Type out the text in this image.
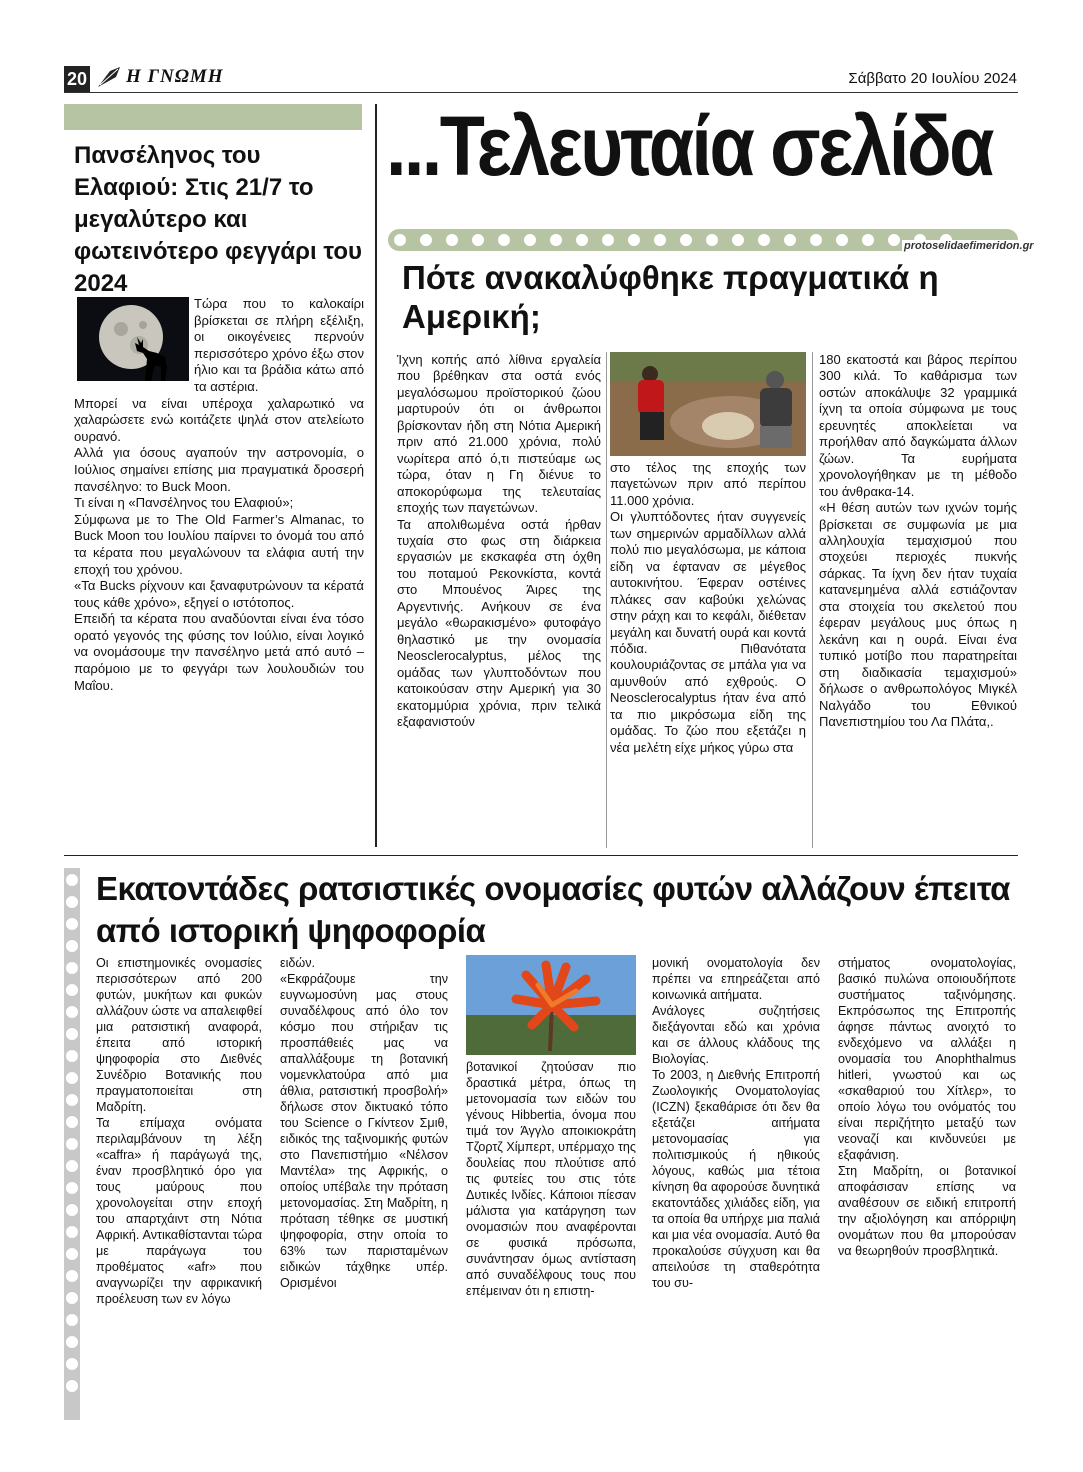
20 Η ΓΝΩΜΗ	Σάββατο 20 Ιουλίου 2024
Πανσέληνος του Ελαφιού: Στις 21/7 το μεγαλύτερο και φωτεινότερο φεγγάρι του 2024

Τώρα που το καλοκαίρι βρίσκεται σε πλήρη εξέλιξη, οι οικογένειες περνούν περισσότερο χρόνο έξω στον ήλιο και τα βράδια κάτω από τα αστέρια.

Μπορεί να είναι υπέροχα χαλαρωτικό να χαλαρώσετε ενώ κοιτάζετε ψηλά στον ατελείωτο ουρανό.

Αλλά για όσους αγαπούν την αστρονομία, ο Ιούλιος σημαίνει επίσης μια πραγματικά δροσερή πανσέληνο: το Buck Moon.

Τι είναι η «Πανσέληνος του Ελαφιού»;

Σύμφωνα με το The Old Farmer’s Almanac, το Buck Moon του Ιουλίου παίρνει το όνομά του από τα κέρατα που μεγαλώνουν τα ελάφια αυτή την εποχή του χρόνου.

«Τα Bucks ρίχνουν και ξαναφυτρώνουν τα κέρατά τους κάθε χρόνο», εξηγεί ο ιστότοπος.

Επειδή τα κέρατα που αναδύονται είναι ένα τόσο ορατό γεγονός της φύσης τον Ιούλιο, είναι λογικό να ονομάσουμε την πανσέληνο μετά από αυτό – παρόμοιο με το φεγγάρι των λουλουδιών του Μαΐου.

...Τελευταία σελίδα
protoselidaefimeridon.gr
Πότε ανακαλύφθηκε πραγματικά η Αμερική;

Ίχνη κοπής από λίθινα εργαλεία που βρέθηκαν στα οστά ενός μεγαλόσωμου προϊστορικού ζώου μαρτυρούν ότι οι άνθρωποι βρίσκονταν ήδη στη Νότια Αμερική πριν από 21.000 χρόνια, πολύ νωρίτερα από ό,τι πιστεύαμε ως τώρα, όταν η Γη διένυε το αποκορύφωμα της τελευταίας εποχής των παγετώνων.

Τα απολιθωμένα οστά ήρθαν τυχαία στο φως στη διάρκεια εργασιών με εκσκαφέα στη όχθη του ποταμού Ρεκονκίστα, κοντά στο Μπουένος Άιρες της Αργεντινής. Ανήκουν σε ένα μεγάλο «θωρακισμένο» φυτοφάγο θηλαστικό με την ονομασία Neosclerocalyptus, μέλος της ομάδας των γλυπτοδόντων που κατοικούσαν στην Αμερική για 30 εκατομμύρια χρόνια, πριν τελικά εξαφανιστούν

στο τέλος της εποχής των παγετώνων πριν από περίπου 11.000 χρόνια.

Οι γλυπτόδοντες ήταν συγγενείς των σημερινών αρμαδίλλων αλλά πολύ πιο μεγαλόσωμα, με κάποια είδη να έφταναν σε μέγεθος αυτοκινήτου. Έφεραν οστέινες πλάκες σαν καβούκι χελώνας στην ράχη και το κεφάλι, διέθεταν μεγάλη και δυνατή ουρά και κοντά πόδια. Πιθανότατα κουλουριάζοντας σε μπάλα για να αμυνθούν από εχθρούς. Ο Neosclerocalyptus ήταν ένα από τα πιο μικρόσωμα είδη της ομάδας. Το ζώο που εξετάζει η νέα μελέτη είχε μήκος γύρω στα

180 εκατοστά και βάρος περίπου 300 κιλά. Το καθάρισμα των οστών αποκάλυψε 32 γραμμικά ίχνη τα οποία σύμφωνα με τους ερευνητές αποκλείεται να προήλθαν από δαγκώματα άλλων ζώων. Τα ευρήματα χρονολογήθηκαν με τη μέθοδο του άνθρακα-14.

«Η θέση αυτών των ιχνών τομής βρίσκεται σε συμφωνία με μια αλληλουχία τεμαχισμού που στοχεύει περιοχές πυκνής σάρκας. Τα ίχνη δεν ήταν τυχαία κατανεμημένα αλλά εστιάζονταν στα στοιχεία του σκελετού που έφεραν μεγάλους μυς όπως η λεκάνη και η ουρά. Είναι ένα τυπικό μοτίβο που παρατηρείται στη διαδικασία τεμαχισμού» δήλωσε ο ανθρωπολόγος Μιγκέλ Ναλγάδο του Εθνικού Πανεπιστημίου του Λα Πλάτα,.

Εκατοντάδες ρατσιστικές ονομασίες φυτών αλλάζουν έπειτα από ιστορική ψηφοφορία

Οι επιστημονικές ονομασίες περισσότερων από 200 φυτών, μυκήτων και φυκών αλλάζουν ώστε να απαλειφθεί μια ρατσιστική αναφορά, έπειτα από ιστορική ψηφοφορία στο Διεθνές Συνέδριο Βοτανικής που πραγματοποιείται στη Μαδρίτη.

Τα επίμαχα ονόματα περιλαμβάνουν τη λέξη «caffra» ή παράγωγά της, έναν προσβλητικό όρο για τους μαύρους που χρονολογείται στην εποχή του απαρτχάιντ στη Νότια Αφρική. Αντικαθίστανται τώρα με παράγωγα του προθέματος «afr» που αναγνωρίζει την αφρικανική προέλευση των εν λόγω

ειδών.

«Εκφράζουμε την ευγνωμοσύνη μας στους συναδέλφους από όλο τον κόσμο που στήριξαν τις προσπάθειές μας να απαλλάξουμε τη βοτανική νομενκλατούρα από μια άθλια, ρατσιστική προσβολή» δήλωσε στον δικτυακό τόπο του Science ο Γκίντεον Σμιθ, ειδικός της ταξινομικής φυτών στο Πανεπιστήμιο «Νέλσον Μαντέλα» της Αφρικής, ο οποίος υπέβαλε την πρόταση μετονομασίας. Στη Μαδρίτη, η πρόταση τέθηκε σε μυστική ψηφοφορία, στην οποία το 63% των παρισταμένων ειδικών τάχθηκε υπέρ. Ορισμένοι

βοτανικοί ζητούσαν πιο δραστικά μέτρα, όπως τη μετονομασία των ειδών του γένους Hibbertia, όνομα που τιμά τον Άγγλο αποικιοκράτη Τζορτζ Χίμπερτ, υπέρμαχο της δουλείας που πλούτισε από τις φυτείες του στις τότε Δυτικές Ινδίες. Κάποιοι πίεσαν μάλιστα για κατάργηση των ονομασιών που αναφέρονται σε φυσικά πρόσωπα, συνάντησαν όμως αντίσταση από συναδέλφους τους που επέμειναν ότι η επιστη-

μονική ονοματολογία δεν πρέπει να επηρεάζεται από κοινωνικά αιτήματα.

Ανάλογες συζητήσεις διεξάγονται εδώ και χρόνια και σε άλλους κλάδους της Βιολογίας.

Το 2003, η Διεθνής Επιτροπή Ζωολογικής Ονοματολογίας (ICZN) ξεκαθάρισε ότι δεν θα εξετάζει αιτήματα μετονομασίας για πολιτισμικούς ή ηθικούς λόγους, καθώς μια τέτοια κίνηση θα αφορούσε δυνητικά εκατοντάδες χιλιάδες είδη, για τα οποία θα υπήρχε μια παλιά και μια νέα ονομασία. Αυτό θα προκαλούσε σύγχυση και θα απειλούσε τη σταθερότητα του συ-

στήματος ονοματολογίας, βασικό πυλώνα οποιουδήποτε συστήματος ταξινόμησης. Εκπρόσωπος της Επιτροπής άφησε πάντως ανοιχτό το ενδεχόμενο να αλλάξει η ονομασία του Anophthalmus hitleri, γνωστού και ως «σκαθαριού του Χίτλερ», το οποίο λόγω του ονόματός του είναι περιζήτητο μεταξύ των νεοναζί και κινδυνεύει με εξαφάνιση.

Στη Μαδρίτη, οι βοτανικοί αποφάσισαν επίσης να αναθέσουν σε ειδική επιτροπή την αξιολόγηση και απόρριψη ονομάτων που θα μπορούσαν να θεωρηθούν προσβλητικά.
